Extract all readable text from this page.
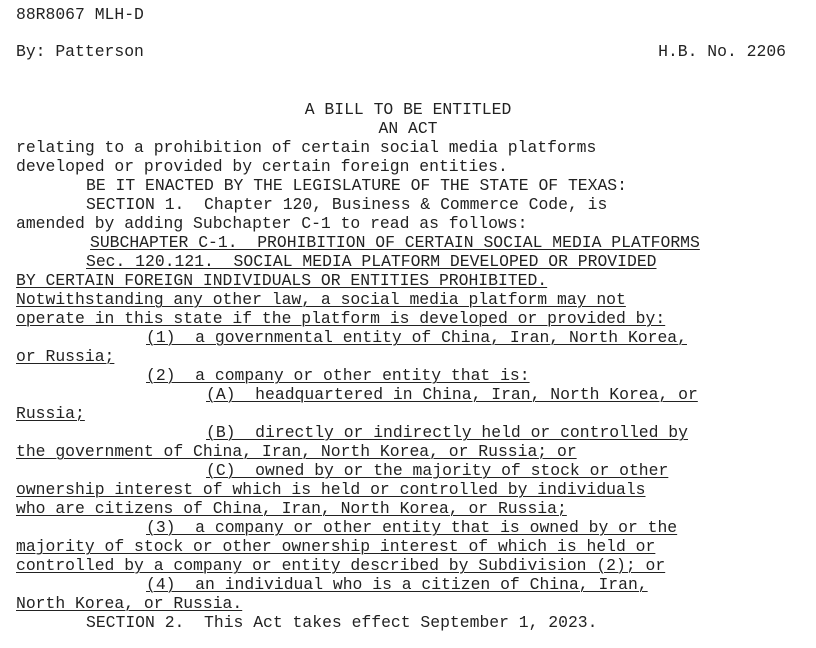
88R8067 MLH-D
By: Patterson	H.B. No. 2206
A BILL TO BE ENTITLED
AN ACT
relating to a prohibition of certain social media platforms
developed or provided by certain foreign entities.
BE IT ENACTED BY THE LEGISLATURE OF THE STATE OF TEXAS:
SECTION 1.  Chapter 120, Business & Commerce Code, is
amended by adding Subchapter C-1 to read as follows:
SUBCHAPTER C-1.  PROHIBITION OF CERTAIN SOCIAL MEDIA PLATFORMS
Sec. 120.121.  SOCIAL MEDIA PLATFORM DEVELOPED OR PROVIDED
BY CERTAIN FOREIGN INDIVIDUALS OR ENTITIES PROHIBITED.
Notwithstanding any other law, a social media platform may not
operate in this state if the platform is developed or provided by:
(1)  a governmental entity of China, Iran, North Korea,
or Russia;
(2)  a company or other entity that is:
(A)  headquartered in China, Iran, North Korea, or
Russia;
(B)  directly or indirectly held or controlled by
the government of China, Iran, North Korea, or Russia; or
(C)  owned by or the majority of stock or other
ownership interest of which is held or controlled by individuals
who are citizens of China, Iran, North Korea, or Russia;
(3)  a company or other entity that is owned by or the
majority of stock or other ownership interest of which is held or
controlled by a company or entity described by Subdivision (2); or
(4)  an individual who is a citizen of China, Iran,
North Korea, or Russia.
SECTION 2.  This Act takes effect September 1, 2023.
